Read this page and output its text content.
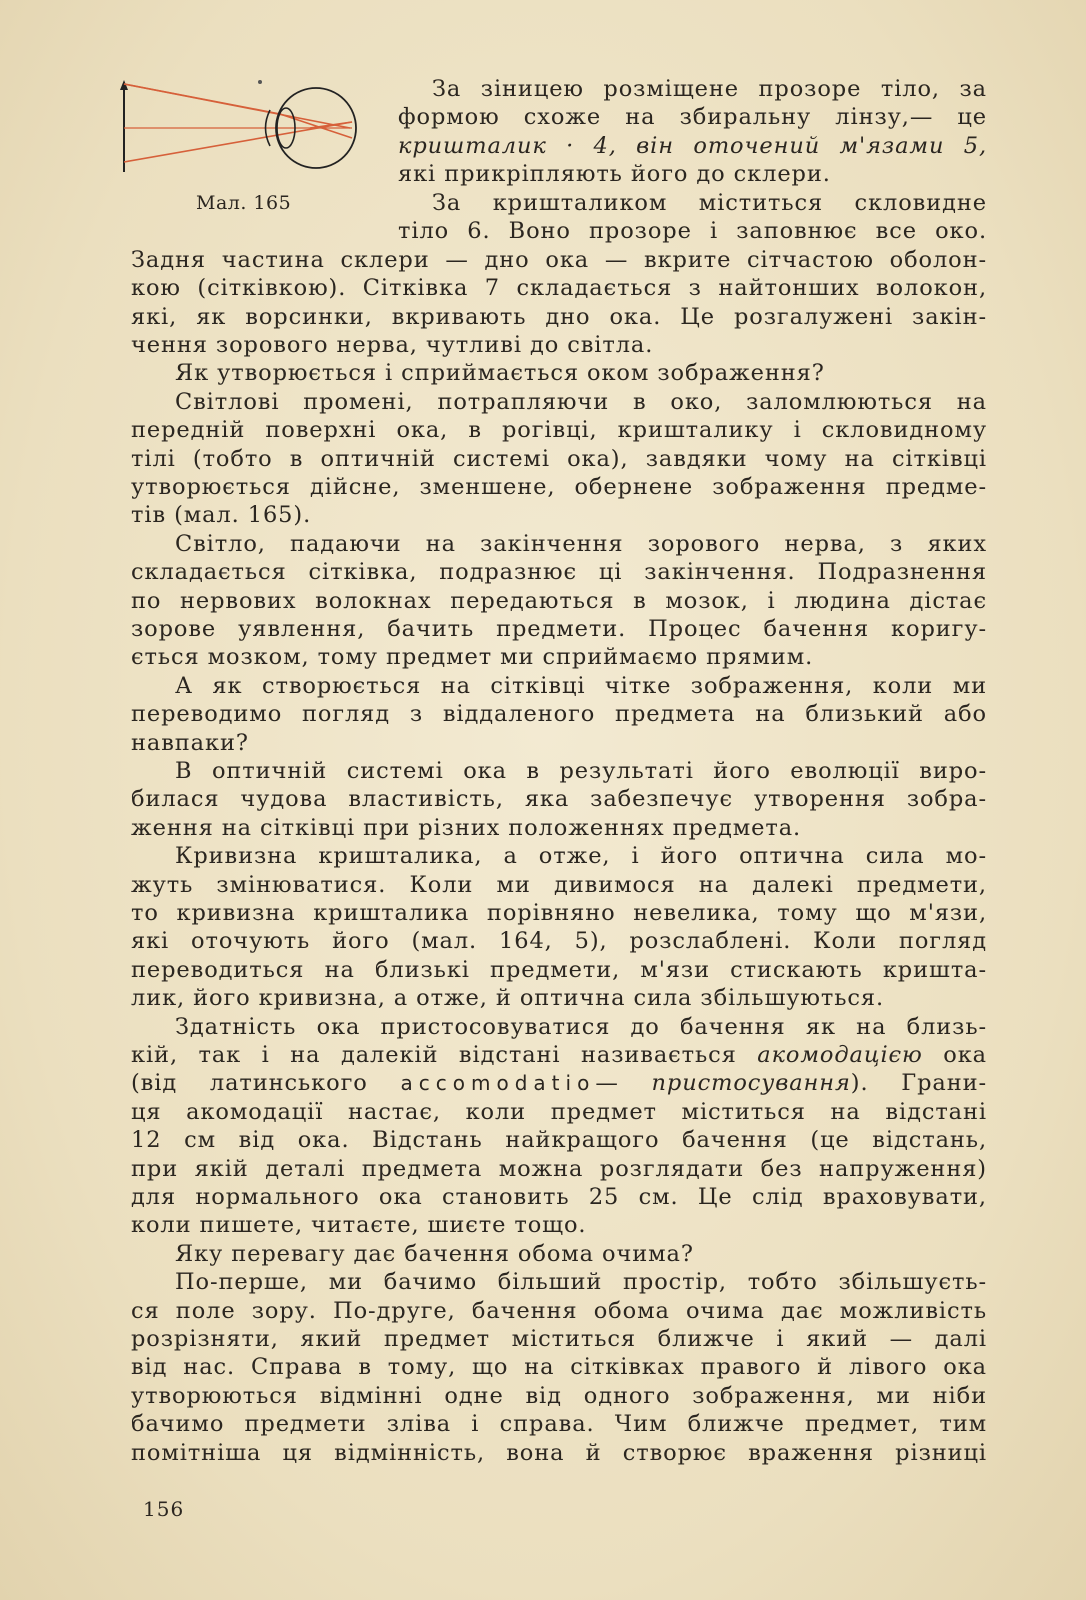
Мал. 165
За зіницею розміщене прозоре тіло, за
формою схоже на збиральну лінзу,— це
кришталик · 4, він оточений м'язами 5,
які прикріпляють його до склери.
За кришталиком міститься скловидне
тіло 6. Воно прозоре і заповнює все око.
Задня частина склери — дно ока — вкрите сітчастою оболон-
кою (сітківкою). Сітківка 7 складається з найтонших волокон,
які, як ворсинки, вкривають дно ока. Це розгалужені закін-
чення зорового нерва, чутливі до світла.
Як утворюється і сприймається оком зображення?
Світлові промені, потрапляючи в око, заломлюються на
передній поверхні ока, в рогівці, кришталику і скловидному
тілі (тобто в оптичній системі ока), завдяки чому на сітківці
утворюється дійсне, зменшене, обернене зображення предме-
тів (мал. 165).
Світло, падаючи на закінчення зорового нерва, з яких
складається сітківка, подразнює ці закінчення. Подразнення
по нервових волокнах передаються в мозок, і людина дістає
зорове уявлення, бачить предмети. Процес бачення коригу-
ється мозком, тому предмет ми сприймаємо прямим.
А як створюється на сітківці чітке зображення, коли ми
переводимо погляд з віддаленого предмета на близький або
навпаки?
В оптичній системі ока в результаті його еволюції виро-
билася чудова властивість, яка забезпечує утворення зобра-
ження на сітківці при різних положеннях предмета.
Кривизна кришталика, а отже, і його оптична сила мо-
жуть змінюватися. Коли ми дивимося на далекі предмети,
то кривизна кришталика порівняно невелика, тому що м'язи,
які оточують його (мал. 164, 5), розслаблені. Коли погляд
переводиться на близькі предмети, м'язи стискають кришта-
лик, його кривизна, а отже, й оптична сила збільшуються.
Здатність ока пристосовуватися до бачення як на близь-
кій, так і на далекій відстані називається акомодацією ока
(від латинського accomodatio— пристосування). Грани-
ця акомодації настає, коли предмет міститься на відстані
12 см від ока. Відстань найкращого бачення (це відстань,
при якій деталі предмета можна розглядати без напруження)
для нормального ока становить 25 см. Це слід враховувати,
коли пишете, читаєте, шиєте тощо.
Яку перевагу дає бачення обома очима?
По-перше, ми бачимо більший простір, тобто збільшуєть-
ся поле зору. По-друге, бачення обома очима дає можливість
розрізняти, який предмет міститься ближче і який — далі
від нас. Справа в тому, що на сітківках правого й лівого ока
утворюються відмінні одне від одного зображення, ми ніби
бачимо предмети зліва і справа. Чим ближче предмет, тим
помітніша ця відмінність, вона й створює враження різниці
156
